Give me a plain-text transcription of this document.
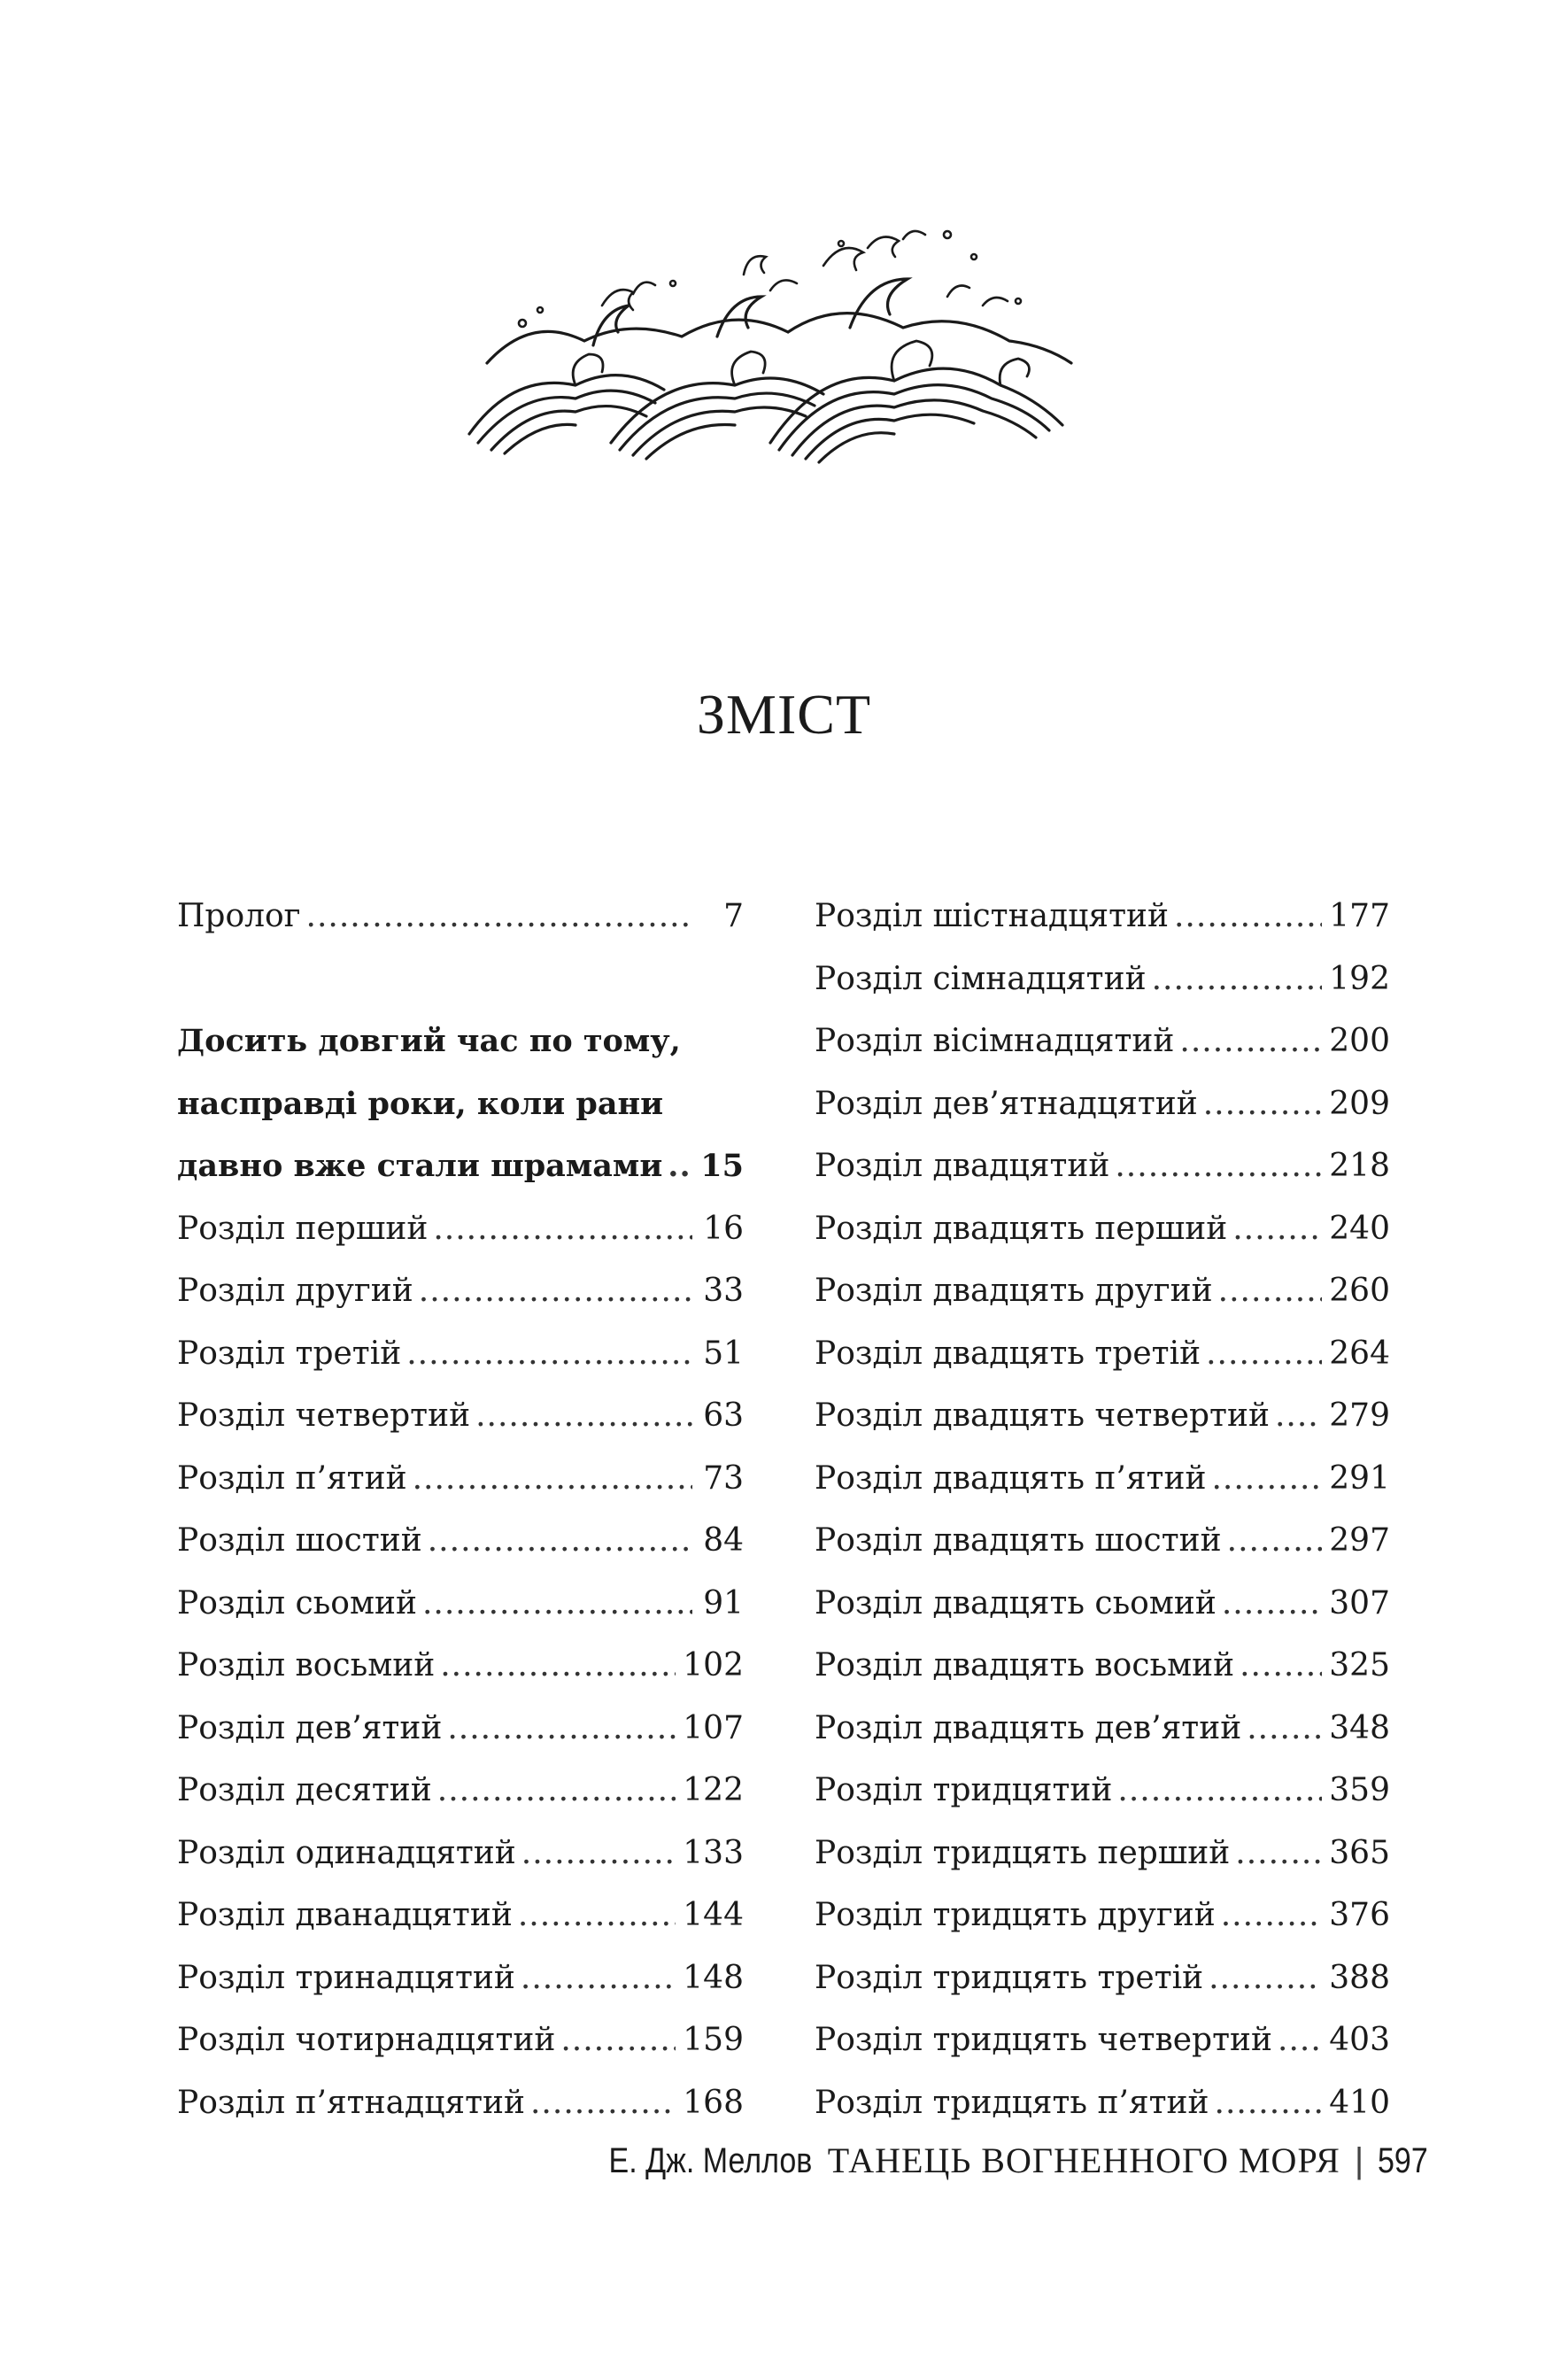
ЗМІСТ
Пролог .....	7
Досить довгий час по тому,
насправді роки, коли рани
давно вже стали шрамами ..... 15
Розділ перший .....	16
Розділ другий .....	33
Розділ третій .....	51
Розділ четвертий .....	63
Розділ п’ятий .....	73
Розділ шостий .....	84
Розділ сьомий .....	91
Розділ восьмий .....	102
Розділ дев’ятий .....	107
Розділ десятий .....	122
Розділ одинадцятий .....	133
Розділ дванадцятий .....	144
Розділ тринадцятий .....	148
Розділ чотирнадцятий .....	159
Розділ п’ятнадцятий .....	168
Розділ шістнадцятий .....	177
Розділ сімнадцятий .....	192
Розділ вісімнадцятий .....	200
Розділ дев’ятнадцятий .....	209
Розділ двадцятий .....	218
Розділ двадцять перший .....	240
Розділ двадцять другий .....	260
Розділ двадцять третій .....	264
Розділ двадцять четвертий ..... 279
Розділ двадцять п’ятий .....	291
Розділ двадцять шостий .....	297
Розділ двадцять сьомий .....	307
Розділ двадцять восьмий .....	325
Розділ двадцять дев’ятий .....	348
Розділ тридцятий .....	359
Розділ тридцять перший .....	365
Розділ тридцять другий .....	376
Розділ тридцять третій .....	388
Розділ тридцять четвертий ..... 403
Розділ тридцять п’ятий .....	410
Е. Дж. Меллов ТАНЕЦЬ ВОГНЕННОГО МОРЯ | 597
